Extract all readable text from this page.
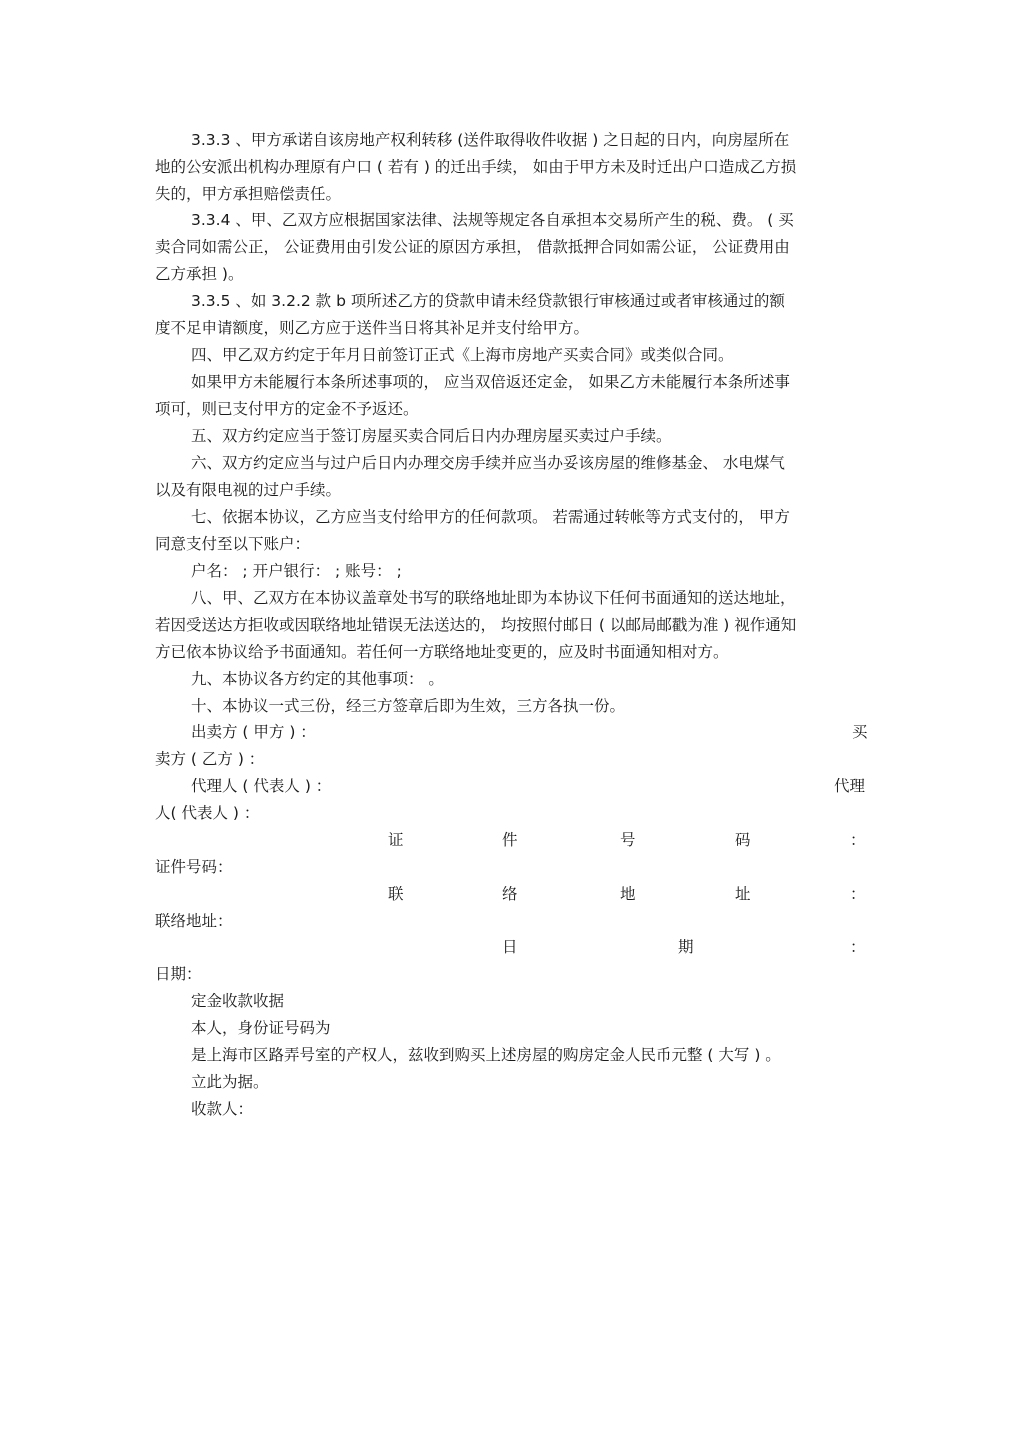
3.3.3 、甲方承诺自该房地产权利转移 (送件取得收件收据 ) 之日起的日内，向房屋所在
地的公安派出机构办理原有户口 ( 若有 ) 的迁出手续， 如由于甲方未及时迁出户口造成乙方损
失的，甲方承担赔偿责任。
3.3.4 、甲、乙双方应根据国家法律、法规等规定各自承担本交易所产生的税、费。 ( 买
卖合同如需公正， 公证费用由引发公证的原因方承担， 借款抵押合同如需公证， 公证费用由
乙方承担 )。
3.3.5 、如 3.2.2 款 b 项所述乙方的贷款申请未经贷款银行审核通过或者审核通过的额
度不足申请额度，则乙方应于送件当日将其补足并支付给甲方。
四、甲乙双方约定于年月日前签订正式《上海市房地产买卖合同》或类似合同。
如果甲方未能履行本条所述事项的， 应当双倍返还定金， 如果乙方未能履行本条所述事
项可，则已支付甲方的定金不予返还。
五、双方约定应当于签订房屋买卖合同后日内办理房屋买卖过户手续。
六、双方约定应当与过户后日内办理交房手续并应当办妥该房屋的维修基金、 水电煤气
以及有限电视的过户手续。
七、依据本协议，乙方应当支付给甲方的任何款项。 若需通过转帐等方式支付的， 甲方
同意支付至以下账户：
户名： ; 开户银行： ; 账号： ;
八、甲、乙双方在本协议盖章处书写的联络地址即为本协议下任何书面通知的送达地址，
若因受送达方拒收或因联络地址错误无法送达的， 均按照付邮日 ( 以邮局邮戳为准 ) 视作通知
方已依本协议给予书面通知。若任何一方联络地址变更的，应及时书面通知相对方。
九、本协议各方约定的其他事项： 。
十、本协议一式三份，经三方签章后即为生效，三方各执一份。
出卖方 ( 甲方 ) ：	买
卖方 ( 乙方 ) ：
代理人 ( 代表人 ) ：	代理
人( 代表人 ) ：
证	件	号	码	：
证件号码：
联	络	地	址	：
联络地址：
日	期	：
日期：
定金收款收据
本人，身份证号码为
是上海市区路弄号室的产权人，兹收到购买上述房屋的购房定金人民币元整 ( 大写 ) 。
立此为据。
收款人：
